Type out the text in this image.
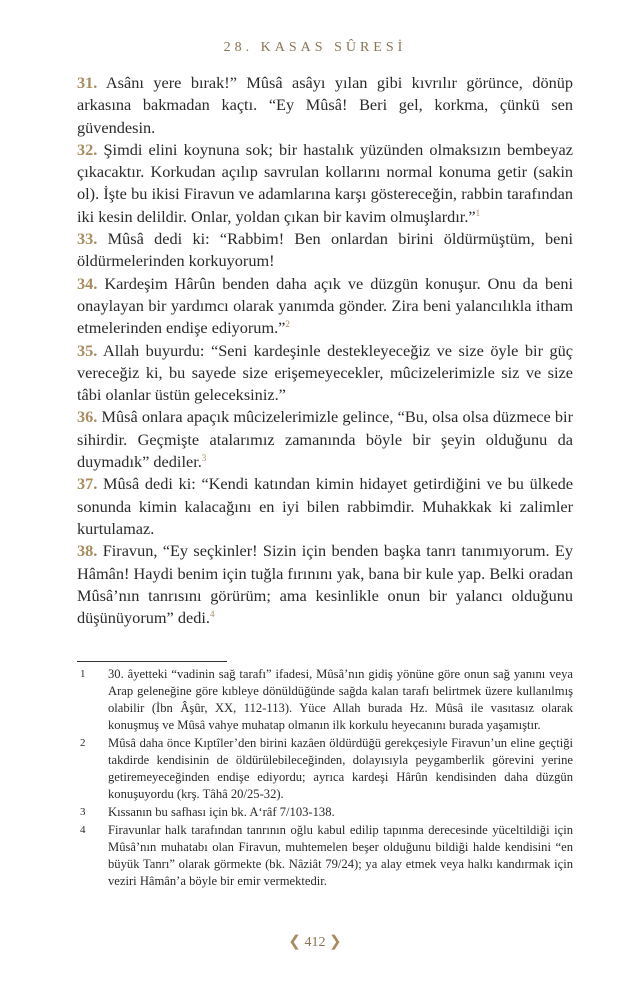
28. KASAS SÛRESİ

31. Asânı yere bırak!” Mûsâ asâyı yılan gibi kıvrılır görünce, dönüp arkasına bakmadan kaçtı. “Ey Mûsâ! Beri gel, korkma, çünkü sen güvendesin.

32. Şimdi elini koynuna sok; bir hastalık yüzünden olmaksızın bembeyaz çıkacaktır. Korkudan açılıp savrulan kollarını normal konuma getir (sakin ol). İşte bu ikisi Firavun ve adamlarına karşı göstereceğin, rabbin tarafından iki kesin delildir. Onlar, yoldan çıkan bir kavim olmuşlardır.”$^1$

33. Mûsâ dedi ki: “Rabbim! Ben onlardan birini öldürmüştüm, beni öldürmelerinden korkuyorum!

34. Kardeşim Hârûn benden daha açık ve düzgün konuşur. Onu da beni onaylayan bir yardımcı olarak yanımda gönder. Zira beni yalancılıkla itham etmelerinden endişe ediyorum.”$^2$

35. Allah buyurdu: “Seni kardeşinle destekleyeceğiz ve size öyle bir güç vereceğiz ki, bu sayede size erişemeyecekler, mûcizelerimizle siz ve size tâbi olanlar üstün geleceksiniz.”

36. Mûsâ onlara apaçık mûcizelerimizle gelince, “Bu, olsa olsa düzmece bir sihirdir. Geçmişte atalarımız zamanında böyle bir şeyin olduğunu da duymadık” dediler.$^3$

37. Mûsâ dedi ki: “Kendi katından kimin hidayet getirdiğini ve bu ülkede sonunda kimin kalacağını en iyi bilen rabbimdir. Muhakkak ki zalimler kurtulamaz.

38. Firavun, “Ey seçkinler! Sizin için benden başka tanrı tanımıyorum. Ey Hâmân! Haydi benim için tuğla fırınını yak, bana bir kule yap. Belki oradan Mûsâ’nın tanrısını görürüm; ama kesinlikle onun bir yalancı olduğunu düşünüyorum” dedi.$^4$

1	30. âyetteki “vadinin sağ tarafı” ifadesi, Mûsâ’nın gidiş yönüne göre onun sağ yanını veya Arap geleneğine göre kıbleye dönüldüğünde sağda kalan tarafı belirtmek üzere kullanılmış olabilir (İbn Âşûr, XX, 112-113). Yüce Allah burada Hz. Mûsâ ile vasıtasız olarak konuşmuş ve Mûsâ vahye muhatap olmanın ilk korkulu heyecanını burada yaşamıştır.
2	Mûsâ daha önce Kıptîler’den birini kazâen öldürdüğü gerekçesiyle Firavun’un eline geçtiği takdirde kendisinin de öldürülebileceğinden, dolayısıyla peygamberlik görevini yerine getiremeyeceğinden endişe ediyordu; ayrıca kardeşi Hârûn kendisinden daha düzgün konuşuyordu (krş. Tâhâ 20/25-32).
3	Kıssanın bu safhası için bk. A‘râf 7/103-138.
4	Firavunlar halk tarafından tanrının oğlu kabul edilip tapınma derecesinde yüceltildiği için Mûsâ’nın muhatabı olan Firavun, muhtemelen beşer olduğunu bildiği halde kendisini “en büyük Tanrı” olarak görmekte (bk. Nâziât 79/24); ya alay etmek veya halkı kandırmak için veziri Hâmân’a böyle bir emir vermektedir.
❮ 412 ❯
